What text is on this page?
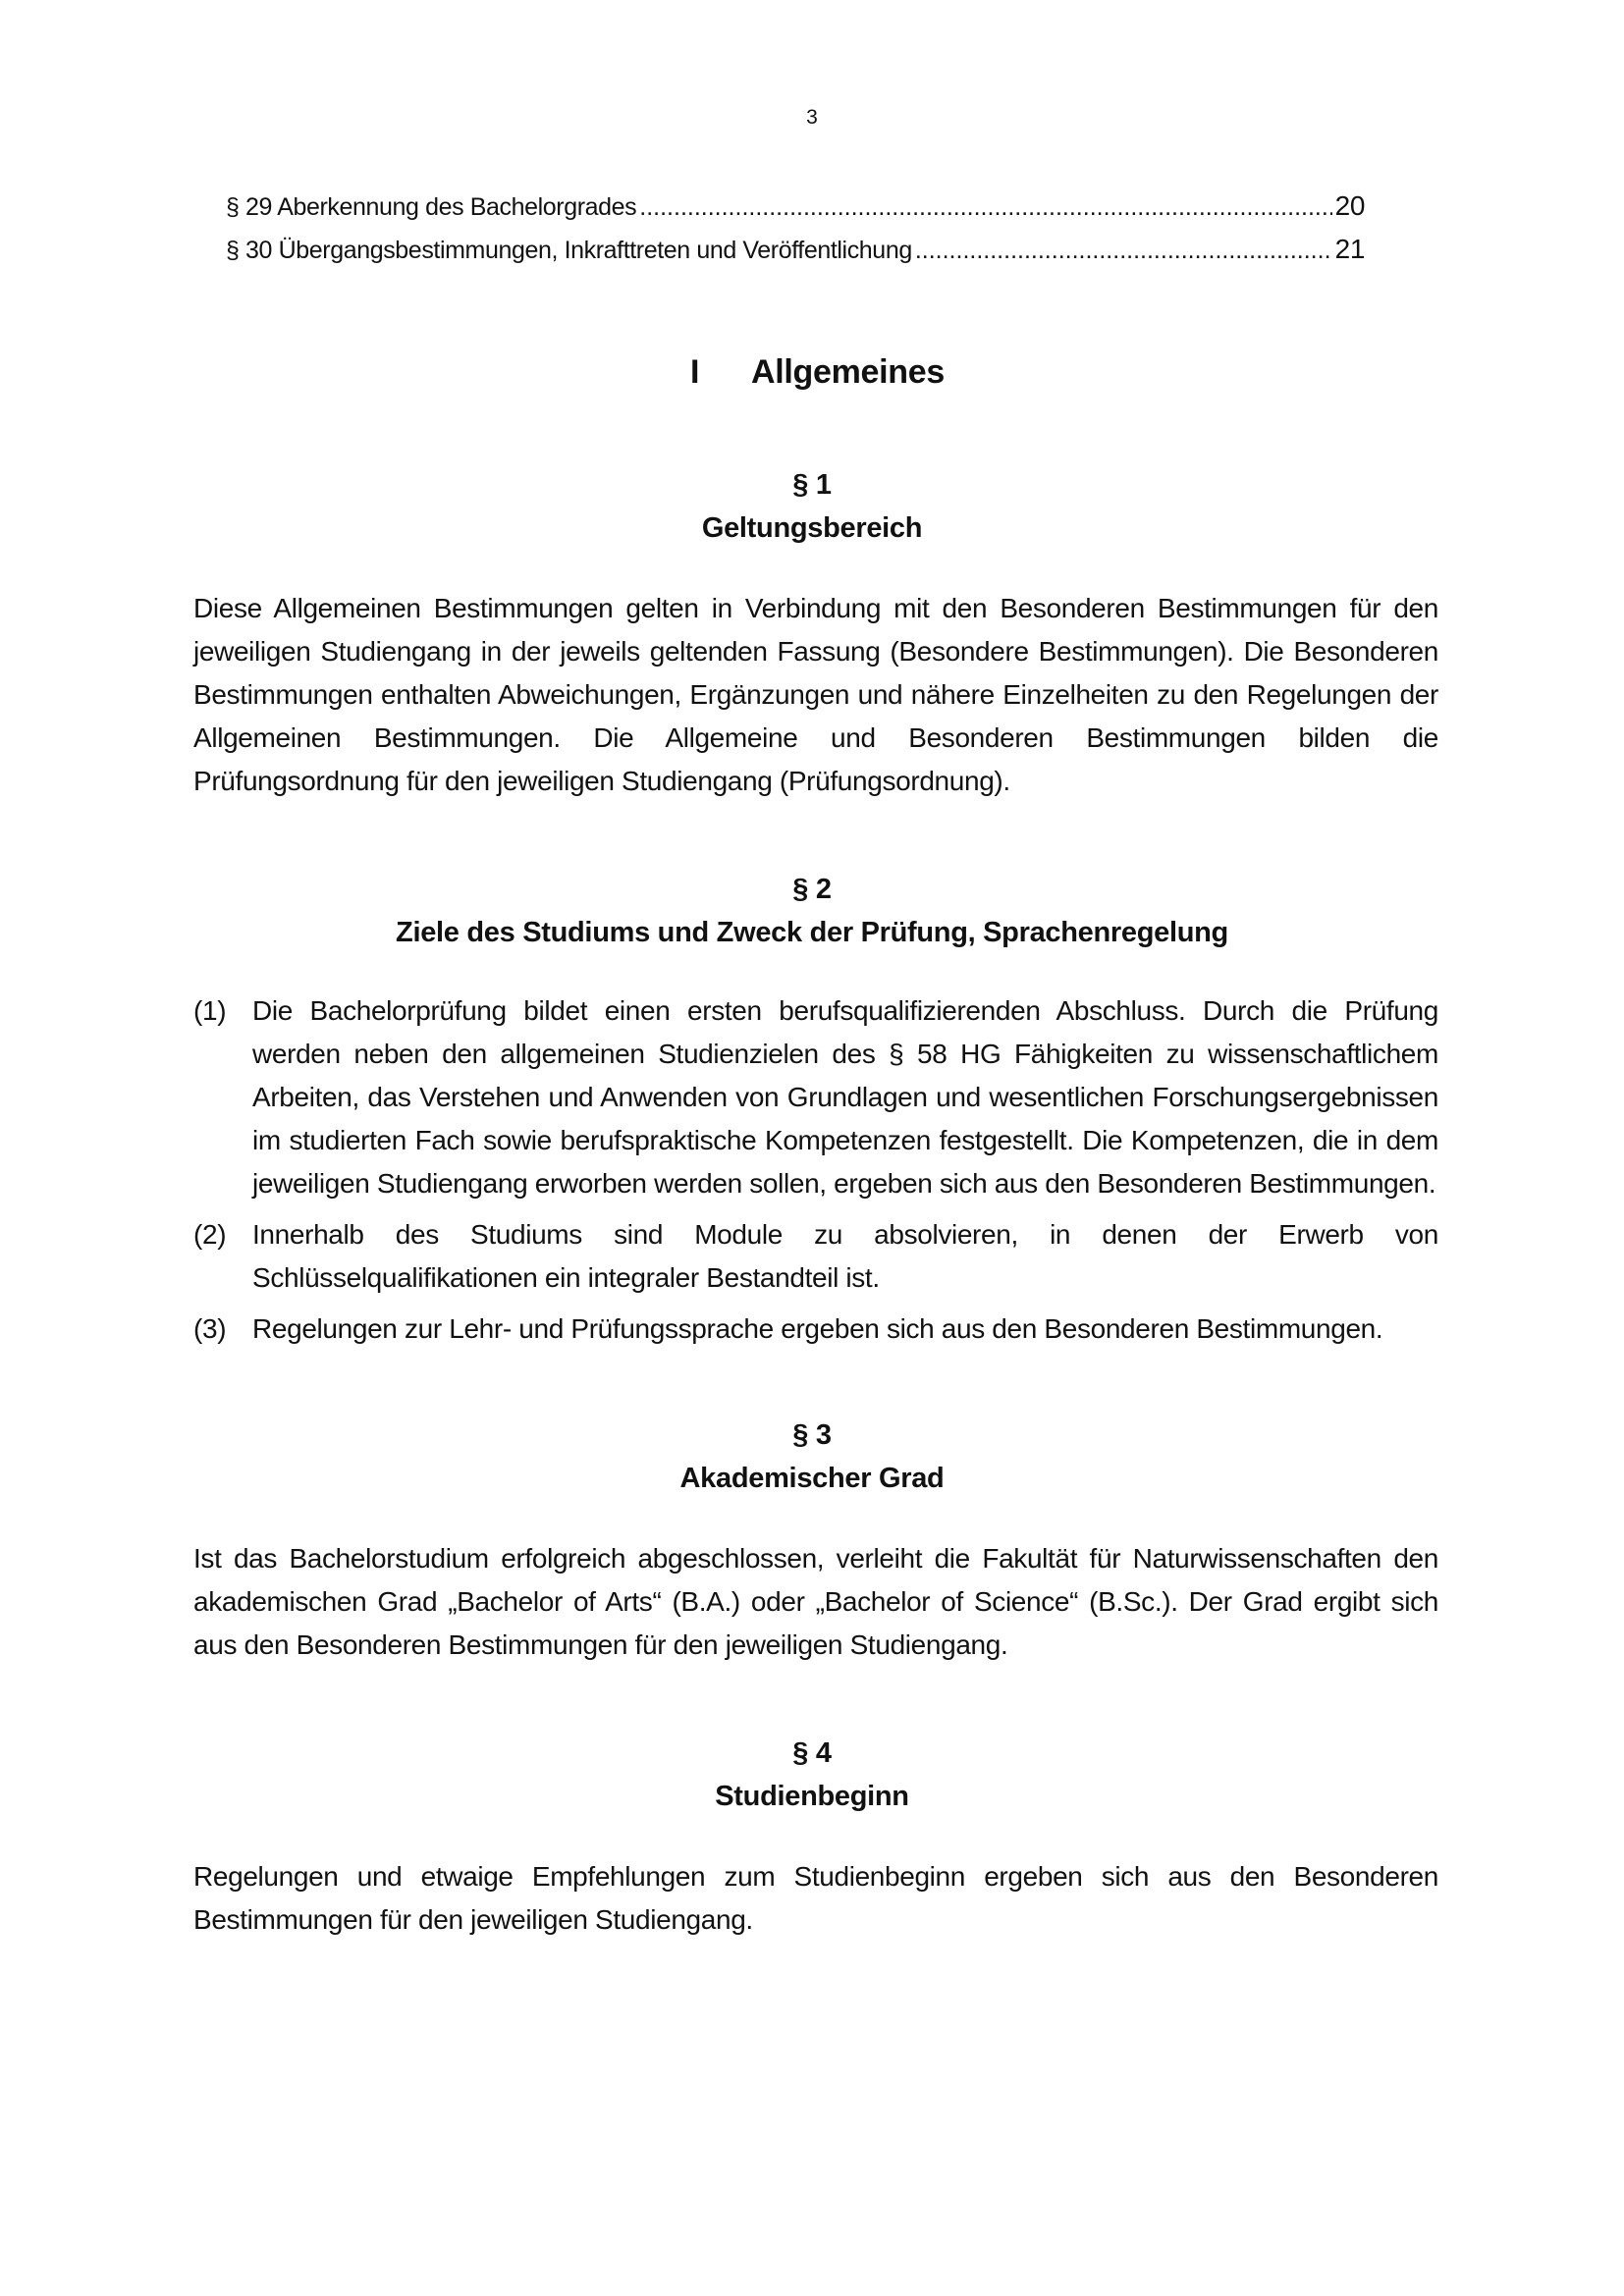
3
§ 29 Aberkennung des Bachelorgrades .....	20
§ 30 Übergangsbestimmungen, Inkrafttreten und Veröffentlichung .....	21
I Allgemeines
§ 1
Geltungsbereich
Diese Allgemeinen Bestimmungen gelten in Verbindung mit den Besonderen Bestimmungen für den jeweiligen Studiengang in der jeweils geltenden Fassung (Besondere Bestimmungen). Die Besonderen Bestimmungen enthalten Abweichungen, Ergänzungen und nähere Einzelheiten zu den Regelungen der Allgemeinen Bestimmungen. Die Allgemeine und Besonderen Bestimmungen bilden die Prüfungsordnung für den jeweiligen Studiengang (Prüfungsordnung).
§ 2
Ziele des Studiums und Zweck der Prüfung, Sprachenregelung
(1) Die Bachelorprüfung bildet einen ersten berufsqualifizierenden Abschluss. Durch die Prüfung werden neben den allgemeinen Studienzielen des § 58 HG Fähigkeiten zu wissenschaftlichem Arbeiten, das Verstehen und Anwenden von Grundlagen und wesentlichen Forschungsergebnissen im studierten Fach sowie berufspraktische Kompetenzen festgestellt. Die Kompetenzen, die in dem jeweiligen Studiengang erworben werden sollen, ergeben sich aus den Besonderen Bestimmungen.
(2) Innerhalb des Studiums sind Module zu absolvieren, in denen der Erwerb von Schlüsselqualifikationen ein integraler Bestandteil ist.
(3) Regelungen zur Lehr- und Prüfungssprache ergeben sich aus den Besonderen Bestimmungen.
§ 3
Akademischer Grad
Ist das Bachelorstudium erfolgreich abgeschlossen, verleiht die Fakultät für Naturwissenschaften den akademischen Grad „Bachelor of Arts“ (B.A.) oder „Bachelor of Science“ (B.Sc.). Der Grad ergibt sich aus den Besonderen Bestimmungen für den jeweiligen Studiengang.
§ 4
Studienbeginn
Regelungen und etwaige Empfehlungen zum Studienbeginn ergeben sich aus den Besonderen Bestimmungen für den jeweiligen Studiengang.
